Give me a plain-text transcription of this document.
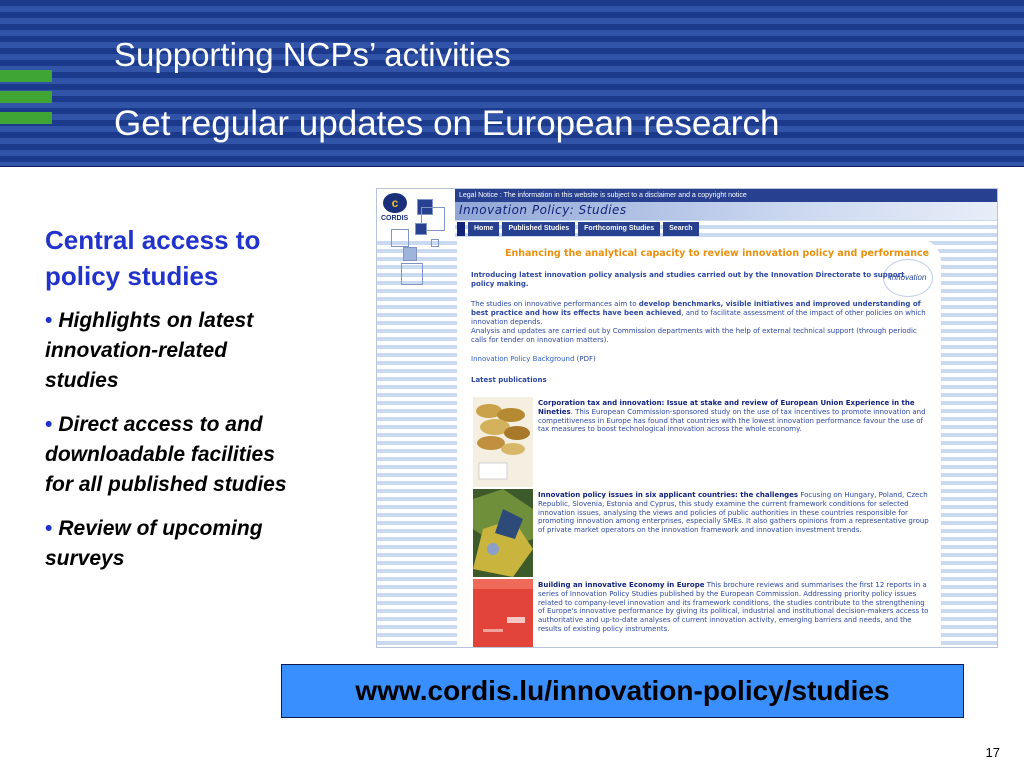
Supporting NCPs’ activities
Get regular updates on European research
Central access to policy studies
• Highlights on latest innovation-related studies
• Direct access to and downloadable facilities for all published studies
• Review of upcoming surveys
c
CORDIS
Legal Notice : The information in this website is subject to a disclaimer and a copyright notice
Innovation Policy: Studies
Home	Published Studies	Forthcoming Studies	Search
Innovation
Enhancing the analytical capacity to review innovation policy and performance
Introducing latest innovation policy analysis and studies carried out by the Innovation Directorate to support policy making.
The studies on innovative performances aim to develop benchmarks, visible initiatives and improved understanding of best practice and how its effects have been achieved, and to facilitate assessment of the impact of other policies on which innovation depends.
Analysis and updates are carried out by Commission departments with the help of external technical support (through periodic calls for tender on innovation matters).
Innovation Policy Background (PDF)
Latest publications
Corporation tax and innovation: Issue at stake and review of European Union Experience in the Nineties. This European Commission-sponsored study on the use of tax incentives to promote innovation and competitiveness in Europe has found that countries with the lowest innovation performance favour the use of tax measures to boost technological innovation across the whole economy.
Innovation policy issues in six applicant countries: the challenges Focusing on Hungary, Poland, Czech Republic, Slovenia, Estonia and Cyprus, this study examine the current framework conditions for selected innovation issues, analysing the views and policies of public authorities in these countries responsible for promoting innovation among enterprises, especially SMEs. It also gathers opinions from a representative group of private market operators on the innovation framework and innovation investment trends.
Building an innovative Economy in Europe This brochure reviews and summarises the first 12 reports in a series of Innovation Policy Studies published by the European Commission. Addressing priority policy issues related to company-level innovation and its framework conditions, the studies contribute to the strengthening of Europe's innovative performance by giving its political, industrial and institutional decision-makers access to authoritative and up-to-date analyses of current innovation activity, emerging barriers and needs, and the results of existing policy instruments.
www.cordis.lu/innovation-policy/studies
17
